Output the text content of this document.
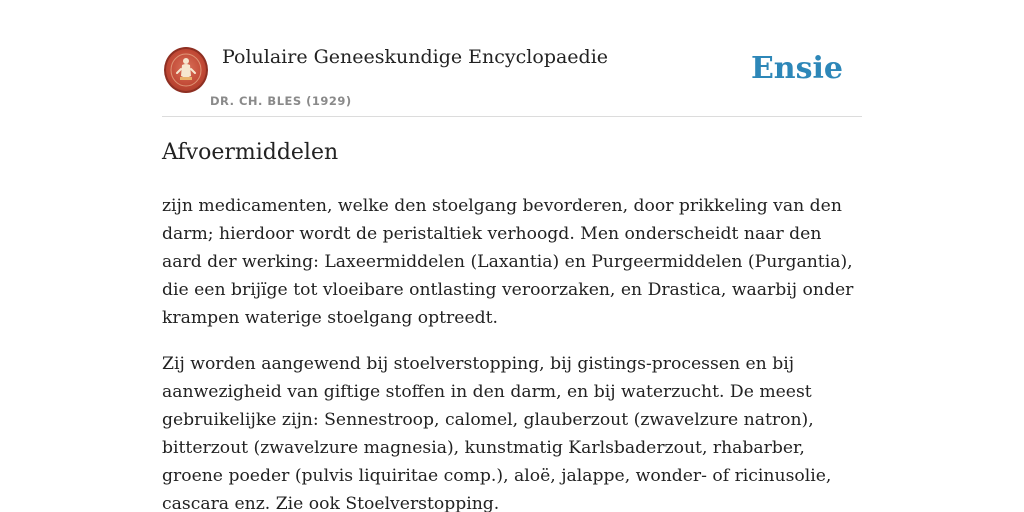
Polulaire Geneeskundige Encyclopaedie
DR. CH. BLES (1929)
Ensie
Afvoermiddelen

zijn medicamenten, welke den stoelgang bevorderen, door prikkeling van den darm; hierdoor wordt de peristaltiek verhoogd. Men onderscheidt naar den aard der werking: Laxeermiddelen (Laxantia) en Purgeermiddelen (Purgantia), die een brijïge tot vloeibare ontlasting veroorzaken, en Drastica, waarbij onder krampen waterige stoelgang optreedt.

Zij worden aangewend bij stoelverstopping, bij gistings-processen en bij aanwezigheid van giftige stoffen in den darm, en bij waterzucht. De meest gebruikelijke zijn: Sennestroop, calomel, glauberzout (zwavelzure natron), bitterzout (zwavelzure magnesia), kunstmatig Karlsbaderzout, rhabarber, groene poeder (pulvis liquiritae comp.), aloë, jalappe, wonder- of ricinusolie, cascara enz. Zie ook Stoelverstopping.
